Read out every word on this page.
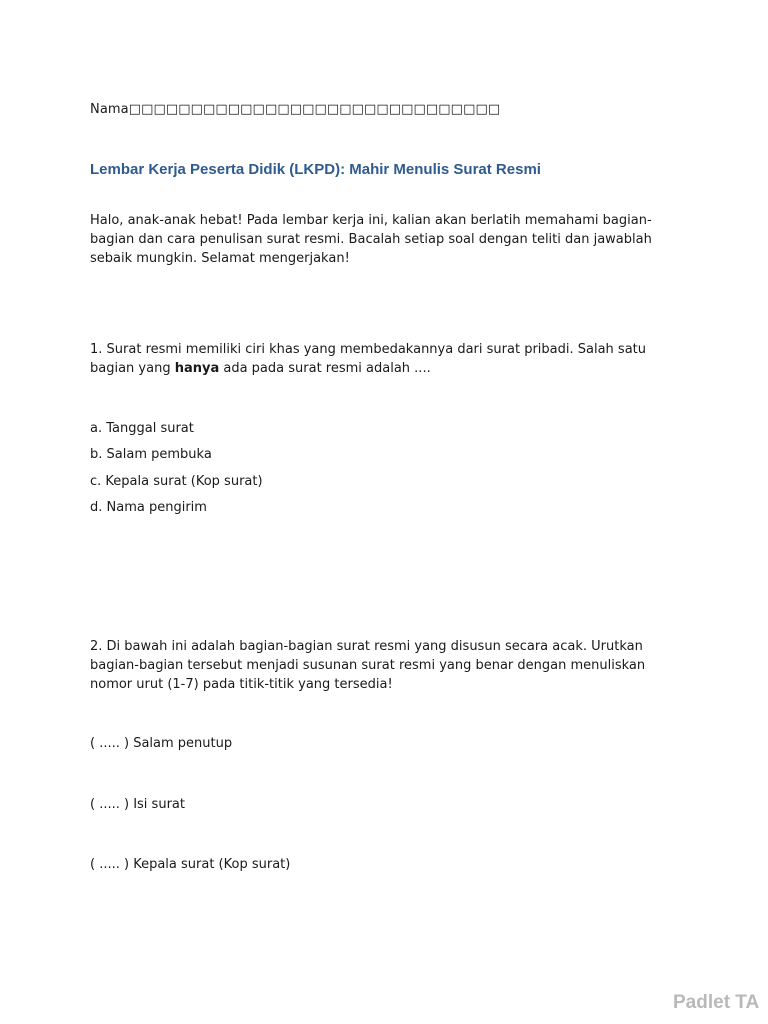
Nama□□□□□□□□□□□□□□□□□□□□□□□□□□□□□□
Lembar Kerja Peserta Didik (LKPD): Mahir Menulis Surat Resmi
Halo, anak-anak hebat! Pada lembar kerja ini, kalian akan berlatih memahami bagian-bagian dan cara penulisan surat resmi. Bacalah setiap soal dengan teliti dan jawablah sebaik mungkin. Selamat mengerjakan!
1. Surat resmi memiliki ciri khas yang membedakannya dari surat pribadi. Salah satu bagian yang hanya ada pada surat resmi adalah ....
a. Tanggal surat
b. Salam pembuka
c. Kepala surat (Kop surat)
d. Nama pengirim
2. Di bawah ini adalah bagian-bagian surat resmi yang disusun secara acak. Urutkan bagian-bagian tersebut menjadi susunan surat resmi yang benar dengan menuliskan nomor urut (1-7) pada titik-titik yang tersedia!
( ..... ) Salam penutup
( ..... ) Isi surat
( ..... ) Kepala surat (Kop surat)
Padlet TA
